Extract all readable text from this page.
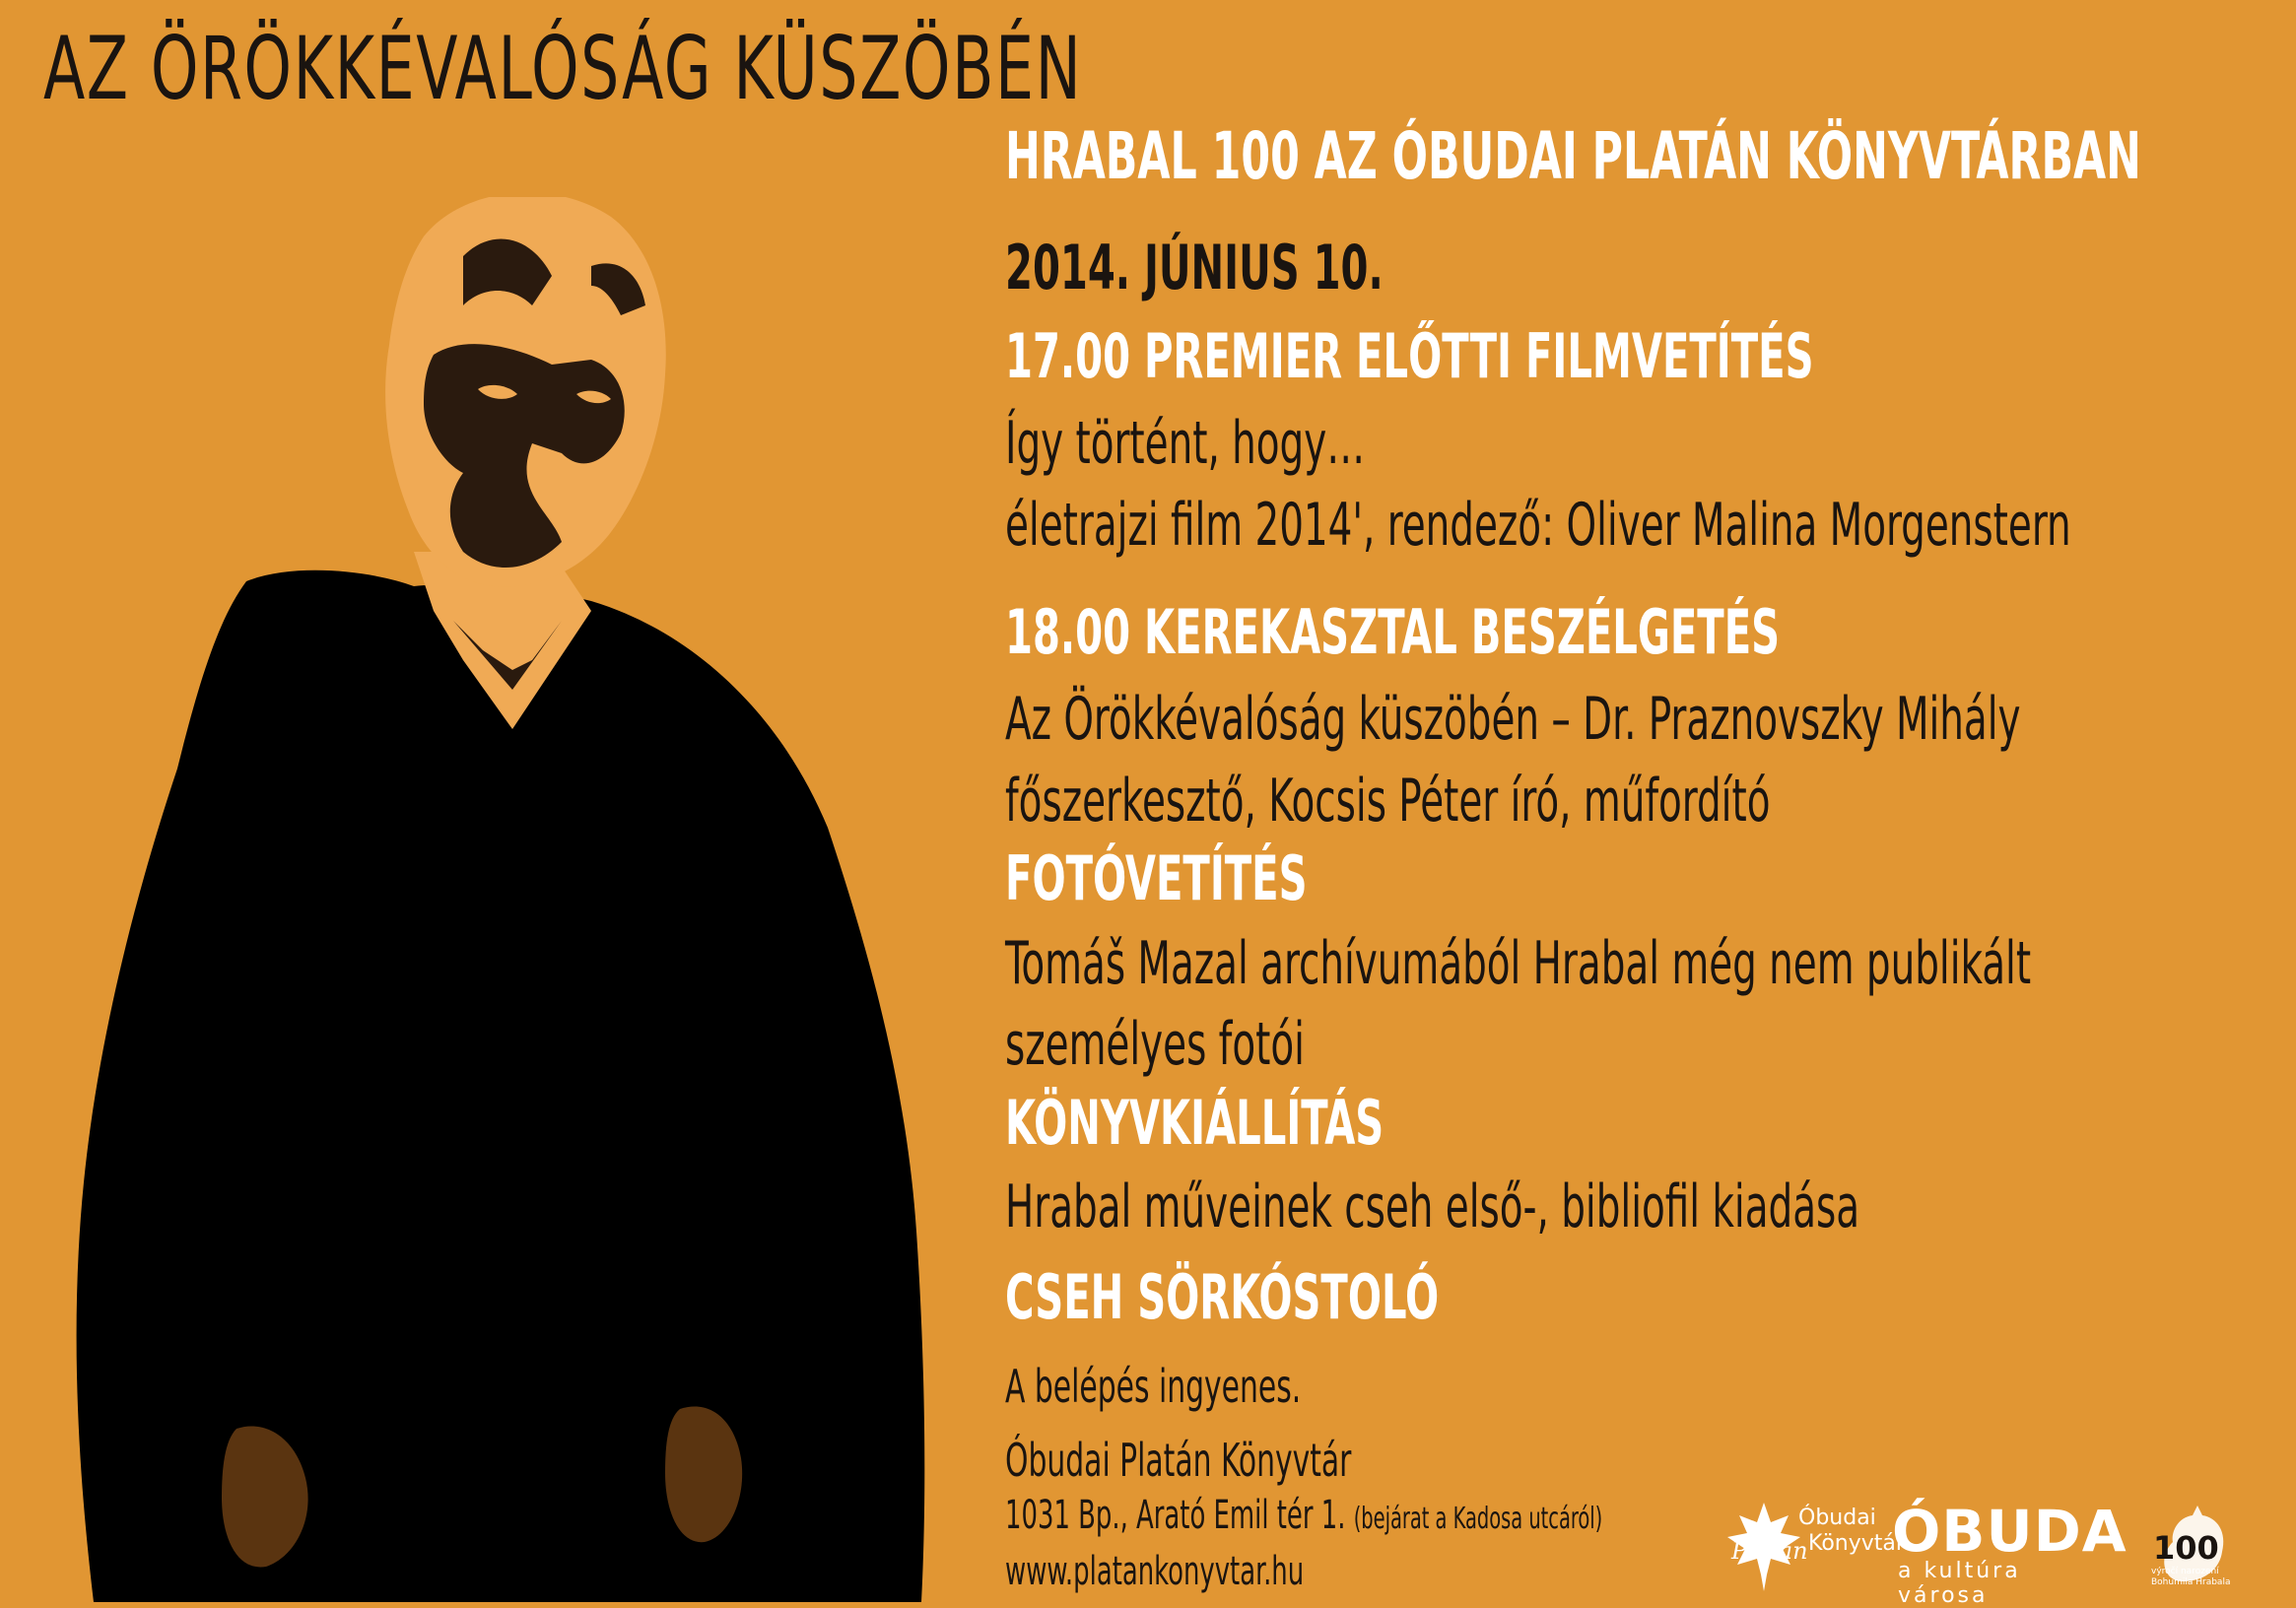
AZ ÖRÖKKÉVALÓSÁG KÜSZÖBÉN
HRABAL 100 AZ ÓBUDAI PLATÁN KÖNYVTÁRBAN
2014. JÚNIUS 10.
17.00 PREMIER ELŐTTI FILMVETÍTÉS
Így történt, hogy…
életrajzi film 2014', rendező: Oliver Malina Morgenstern
18.00 KEREKASZTAL BESZÉLGETÉS
Az Örökkévalóság küszöbén – Dr. Praznovszky Mihály
főszerkesztő, Kocsis Péter író, műfordító
FOTÓVETÍTÉS
Tomáš Mazal archívumából Hrabal még nem publikált
személyes fotói
KÖNYVKIÁLLÍTÁS
Hrabal műveinek cseh első-, bibliofil kiadása
CSEH SÖRKÓSTOLÓ
A belépés ingyenes.
Óbudai Platán Könyvtár
1031 Bp., Arató Emil tér 1. (bejárat a Kadosa utcáról)
www.platankonyvtar.hu
Óbudai
Platán Könyvtár
ÓBUDA
a kultúra városa
100
výročí narození
Bohumila Hrabala
